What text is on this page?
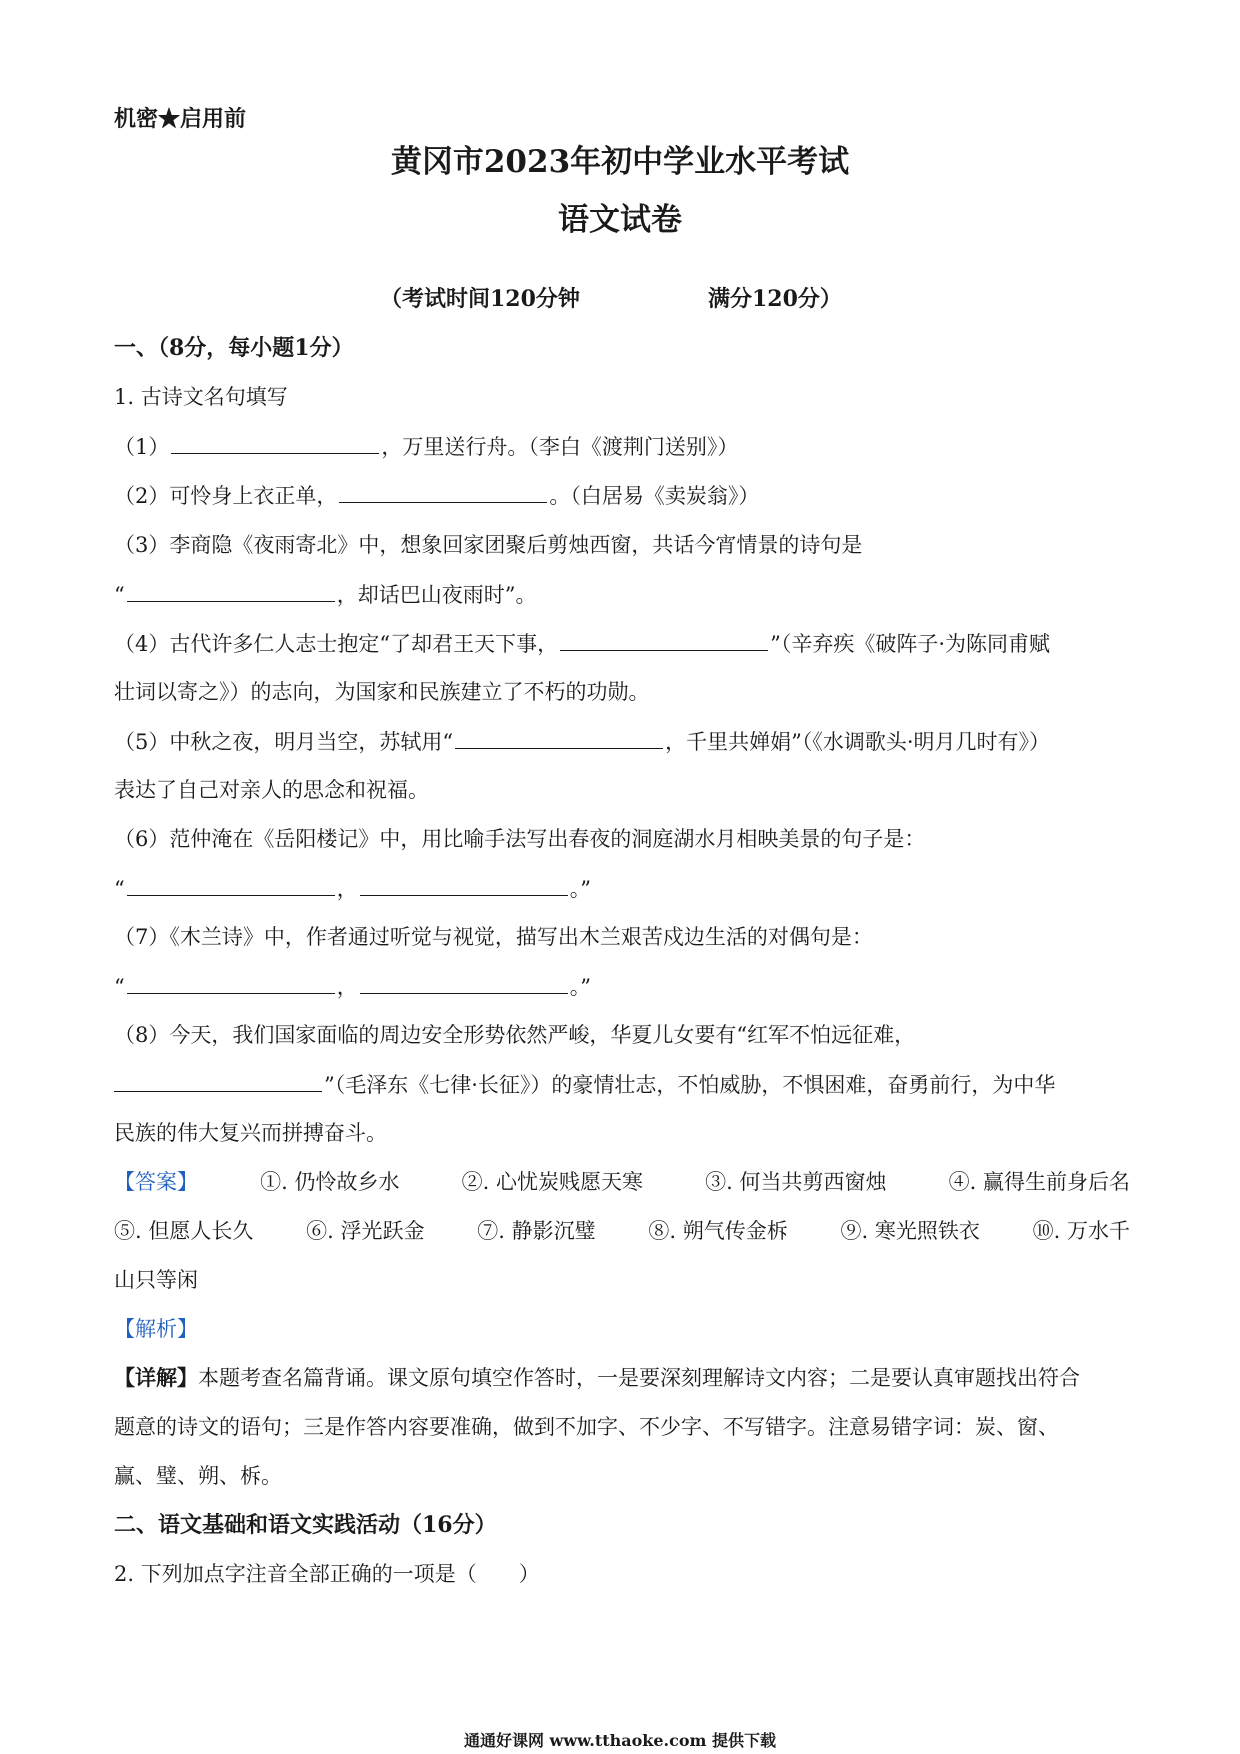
机密★启用前
黄冈市2023年初中学业水平考试
语文试卷
（考试时间120分钟	满分120分）
一、（8分，每小题1分）
1. 古诗文名句填写
（1）	，万里送行舟。（李白《渡荆门送别》）
（2）可怜身上衣正单，	。（白居易《卖炭翁》）
（3）李商隐《夜雨寄北》中，想象回家团聚后剪烛西窗，共话今宵情景的诗句是
“	，却话巴山夜雨时”。
（4）古代许多仁人志士抱定“了却君王天下事，	”（辛弃疾《破阵子·为陈同甫赋
壮词以寄之》）的志向，为国家和民族建立了不朽的功勋。
（5）中秋之夜，明月当空，苏轼用“	，千里共婵娟”（《水调歌头·明月几时有》）
表达了自己对亲人的思念和祝福。
（6）范仲淹在《岳阳楼记》中，用比喻手法写出春夜的洞庭湖水月相映美景的句子是：
“	，	。”
（7）《木兰诗》中，作者通过听觉与视觉，描写出木兰艰苦戍边生活的对偶句是：
“	，	。”
（8）今天，我们国家面临的周边安全形势依然严峻，华夏儿女要有“红军不怕远征难，
”（毛泽东《七律·长征》）的豪情壮志，不怕威胁，不惧困难，奋勇前行，为中华
民族的伟大复兴而拼搏奋斗。
【答案】	①. 仍怜故乡水	②. 心忧炭贱愿天寒	③. 何当共剪西窗烛	④. 赢得生前身后名
⑤. 但愿人长久	⑥. 浮光跃金	⑦. 静影沉璧	⑧. 朔气传金柝	⑨. 寒光照铁衣	⑩. 万水千
山只等闲
【解析】
【详解】本题考查名篇背诵。课文原句填空作答时，一是要深刻理解诗文内容；二是要认真审题找出符合
题意的诗文的语句；三是作答内容要准确，做到不加字、不少字、不写错字。注意易错字词：炭、窗、
赢、璧、朔、柝。
二、语文基础和语文实践活动（16分）
2. 下列加点字注音全部正确的一项是（　　）
通通好课网 www.tthaoke.com 提供下载
